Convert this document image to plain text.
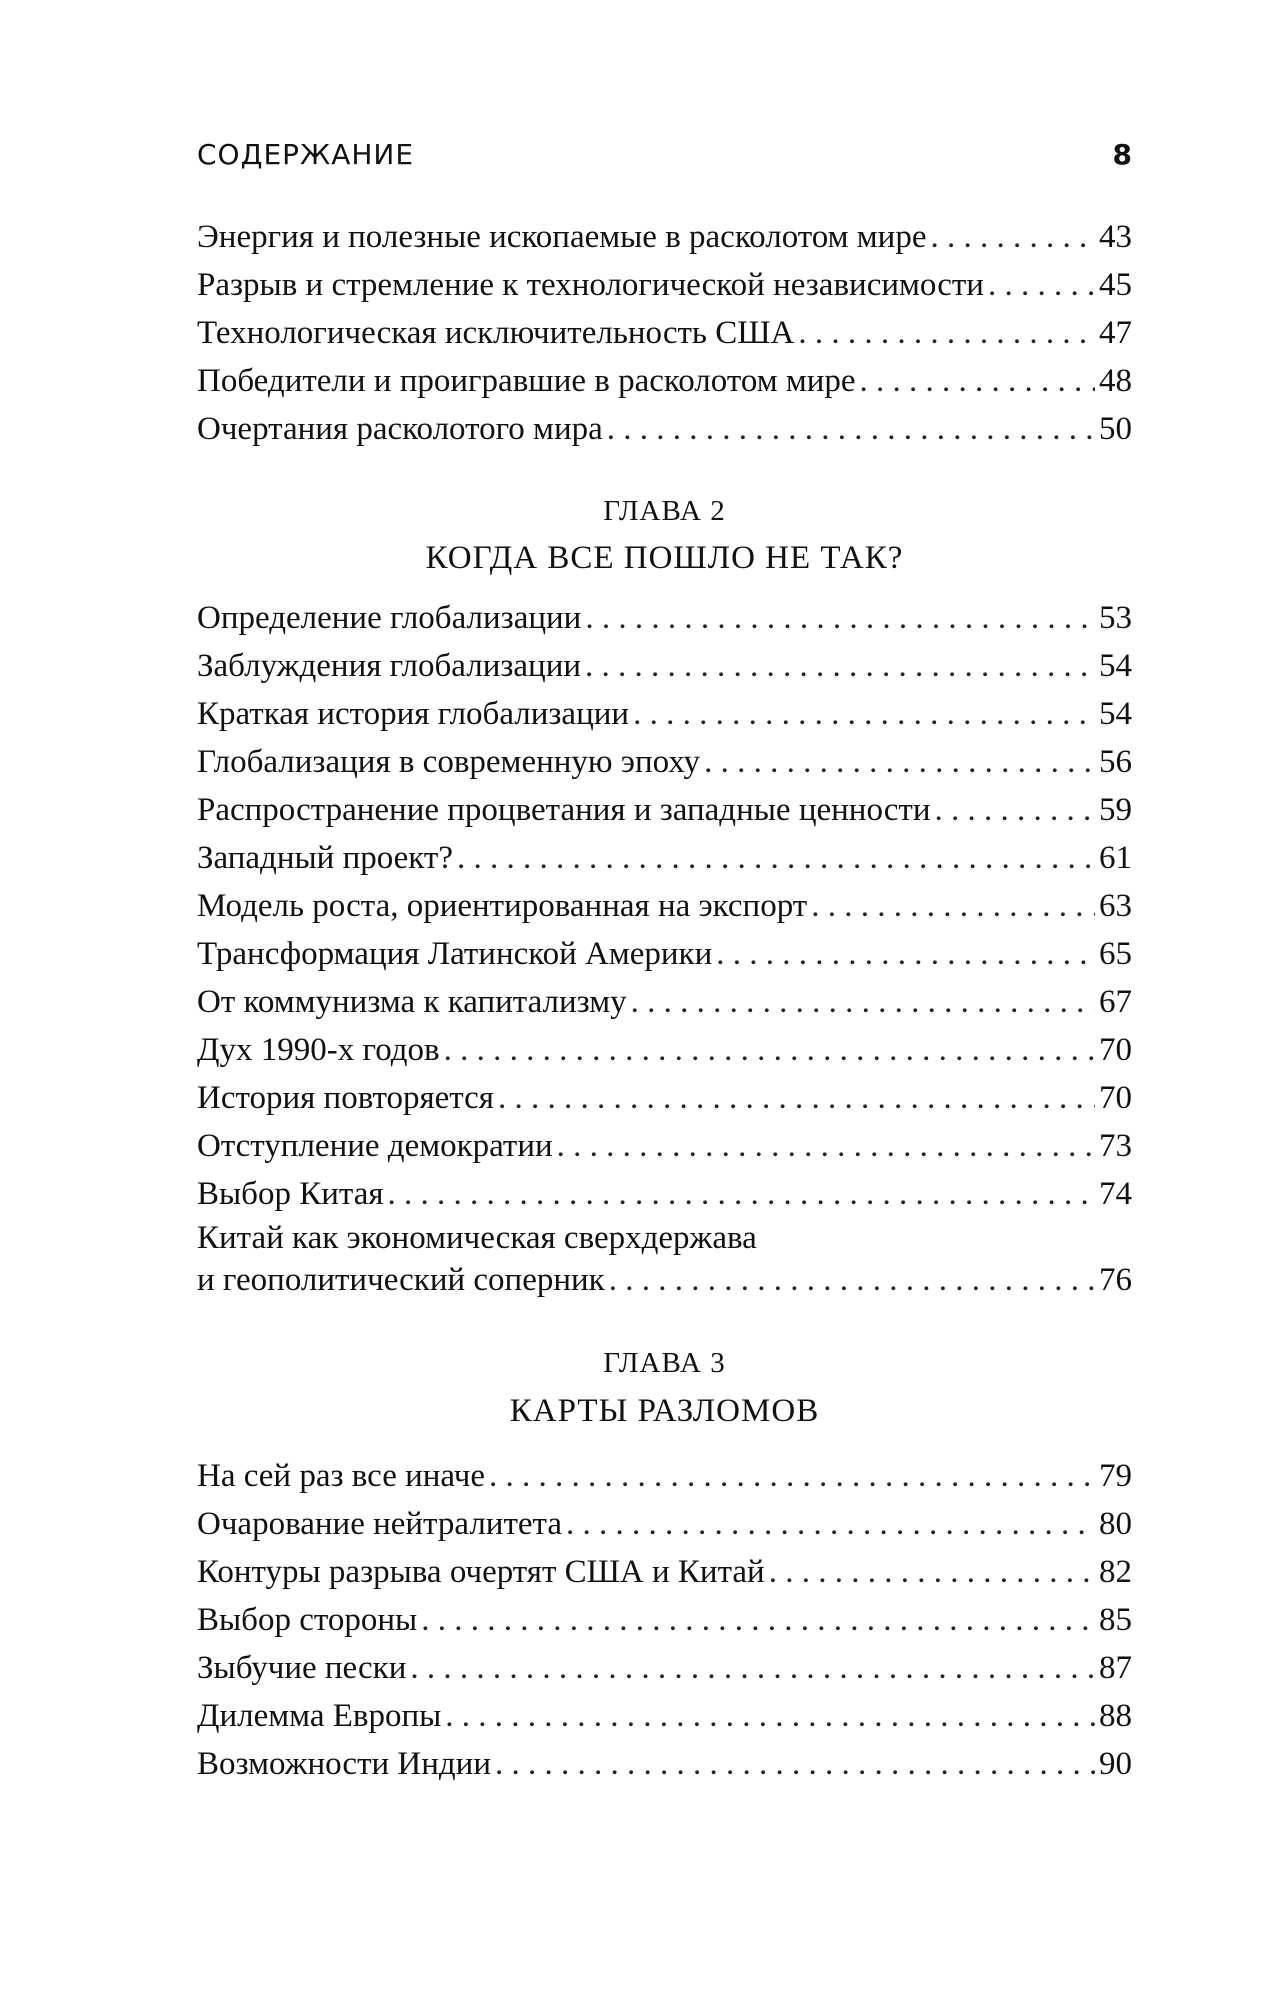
СОДЕРЖАНИЕ	8
Энергия и полезные ископаемые в расколотом мире . . .	43
Разрыв и стремление к технологической независимости . . .	45
Технологическая исключительность США . . .	47
Победители и проигравшие в расколотом мире . . .	48
Очертания расколотого мира . . .	50
ГЛАВА 2
КОГДА ВСЕ ПОШЛО НЕ ТАК?
Определение глобализации . . .	53
Заблуждения глобализации . . .	54
Краткая история глобализации . . .	54
Глобализация в современную эпоху . . .	56
Распространение процветания и западные ценности . . .	59
Западный проект? . . .	61
Модель роста, ориентированная на экспорт . . .	63
Трансформация Латинской Америки . . .	65
От коммунизма к капитализму . . .	67
Дух 1990-х годов . . .	70
История повторяется . . .	70
Отступление демократии . . .	73
Выбор Китая . . .	74
Китай как экономическая сверхдержава
и геополитический соперник . . .	76
ГЛАВА 3
КАРТЫ РАЗЛОМОВ
На сей раз все иначе . . .	79
Очарование нейтралитета . . .	80
Контуры разрыва очертят США и Китай . . .	82
Выбор стороны . . .	85
Зыбучие пески . . .	87
Дилемма Европы . . .	88
Возможности Индии . . .	90
